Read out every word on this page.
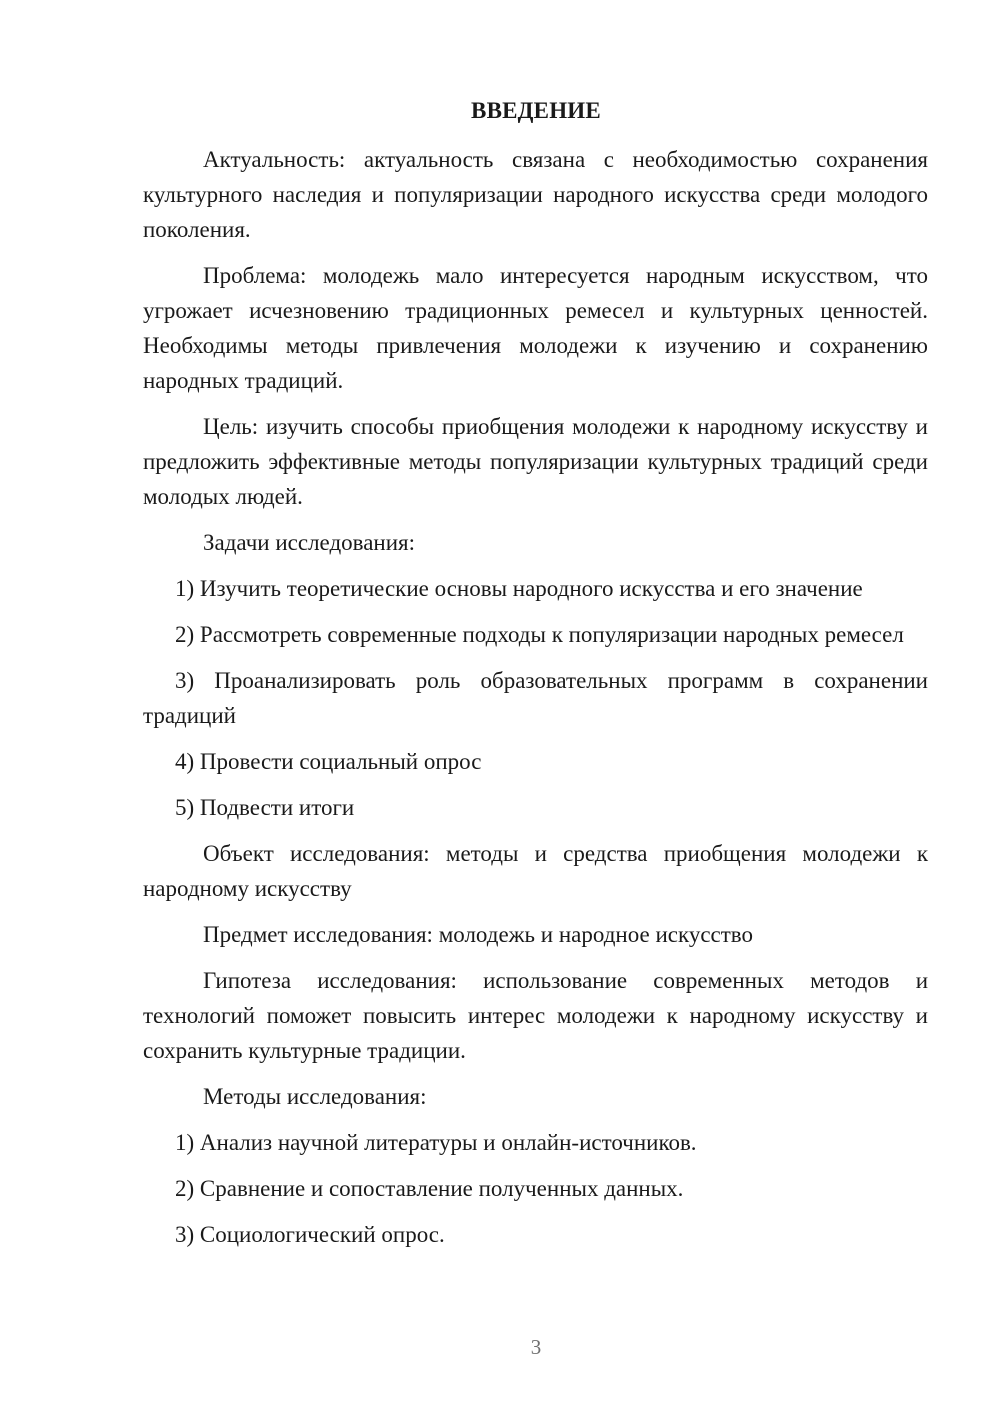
ВВЕДЕНИЕ

Актуальность: актуальность связана с необходимостью сохранения культурного наследия и популяризации народного искусства среди молодого поколения.

Проблема: молодежь мало интересуется народным искусством, что угрожает исчезновению традиционных ремесел и культурных ценностей. Необходимы методы привлечения молодежи к изучению и сохранению народных традиций.

Цель: изучить способы приобщения молодежи к народному искусству и предложить эффективные методы популяризации культурных традиций среди молодых людей.

Задачи исследования:

1) Изучить теоретические основы народного искусства и его значение

2) Рассмотреть современные подходы к популяризации народных ремесел

3) Проанализировать роль образовательных программ в сохранении традиций

4) Провести социальный опрос

5) Подвести итоги

Объект исследования: методы и средства приобщения молодежи к народному искусству

Предмет исследования: молодежь и народное искусство

Гипотеза исследования: использование современных методов и технологий поможет повысить интерес молодежи к народному искусству и сохранить культурные традиции.

Методы исследования:

1) Анализ научной литературы и онлайн-источников.

2) Сравнение и сопоставление полученных данных.

3) Социологический опрос.

3
